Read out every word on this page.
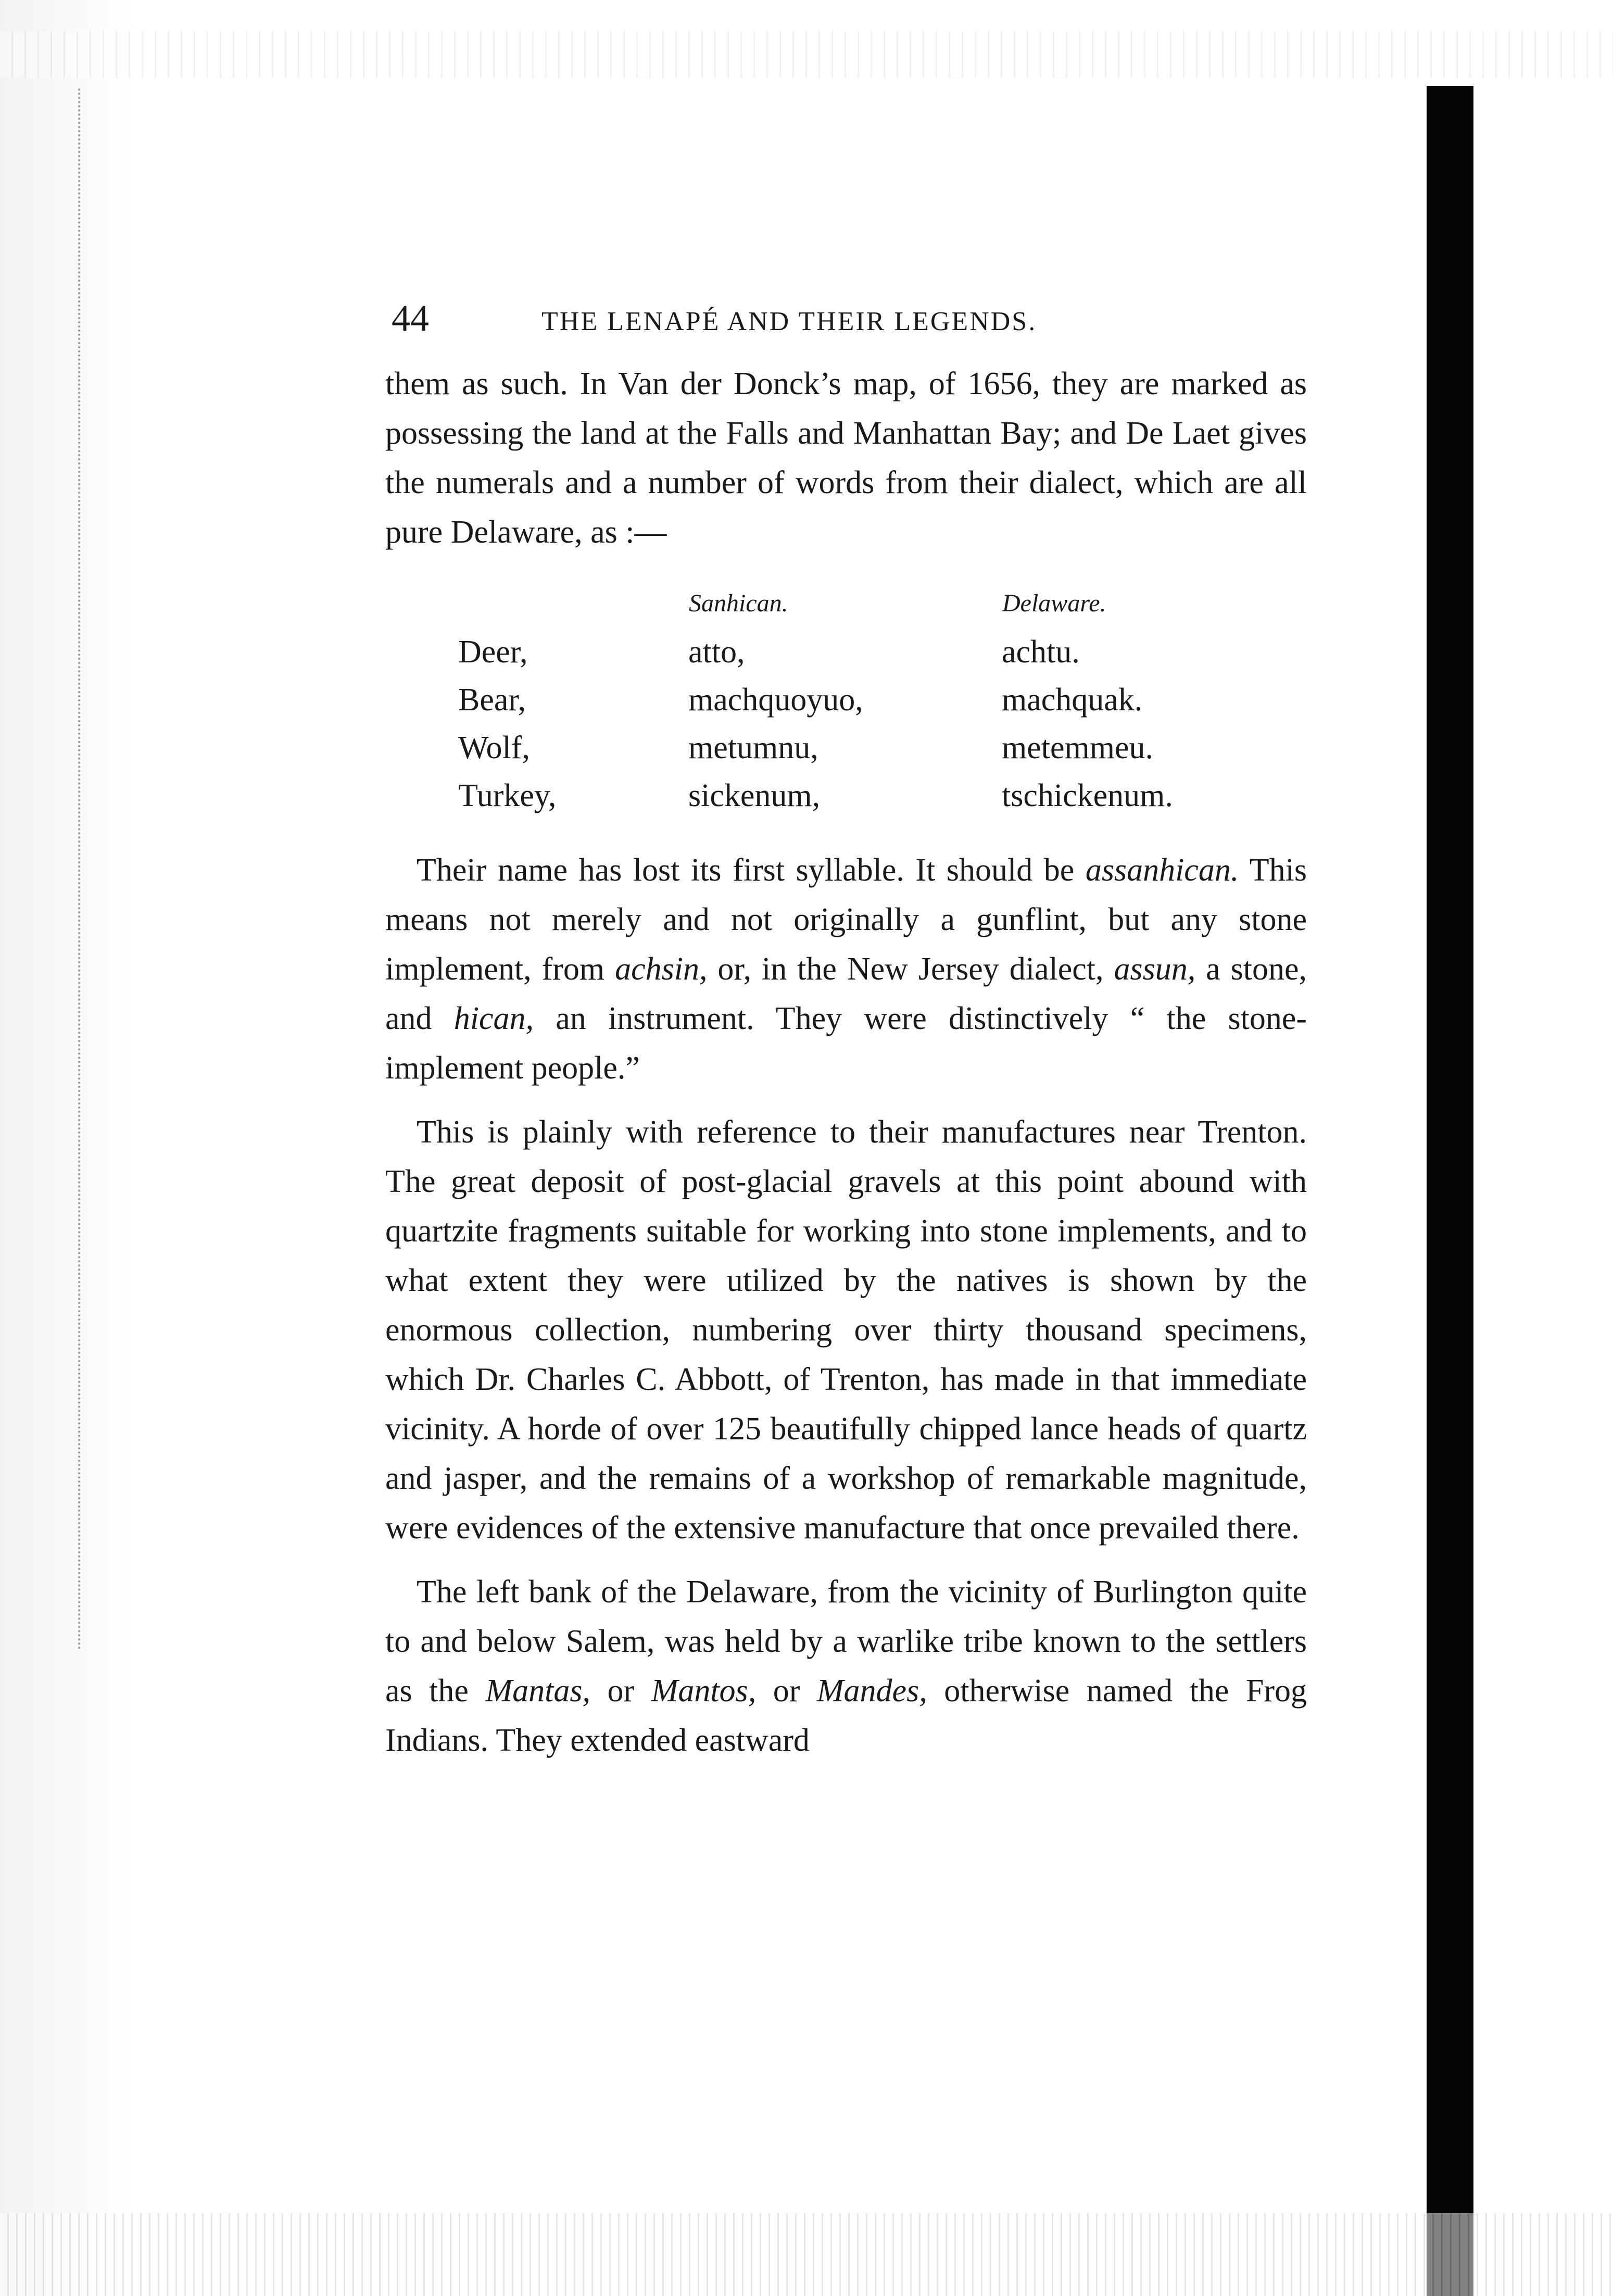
44	THE LENAPÉ AND THEIR LEGENDS.

them as such. In Van der Donck’s map, of 1656, they are marked as possessing the land at the Falls and Manhattan Bay; and De Laet gives the numerals and a number of words from their dialect, which are all pure Delaware, as :—

	Sanhican.	Delaware.
Deer,	atto,	achtu.
Bear,	machquoyuo,	machquak.
Wolf,	metumnu,	metemmeu.
Turkey,	sickenum,	tschickenum.

Their name has lost its first syllable. It should be assanhican. This means not merely and not originally a gunflint, but any stone implement, from achsin, or, in the New Jersey dialect, assun, a stone, and hican, an instrument. They were distinctively “ the stone-implement people.”

This is plainly with reference to their manufactures near Trenton. The great deposit of post-glacial gravels at this point abound with quartzite fragments suitable for working into stone implements, and to what extent they were utilized by the natives is shown by the enormous collection, numbering over thirty thousand specimens, which Dr. Charles C. Abbott, of Trenton, has made in that immediate vicinity. A horde of over 125 beautifully chipped lance heads of quartz and jasper, and the remains of a workshop of remarkable magnitude, were evidences of the extensive manufacture that once prevailed there.

The left bank of the Delaware, from the vicinity of Burlington quite to and below Salem, was held by a warlike tribe known to the settlers as the Mantas, or Mantos, or Mandes, otherwise named the Frog Indians. They extended eastward
